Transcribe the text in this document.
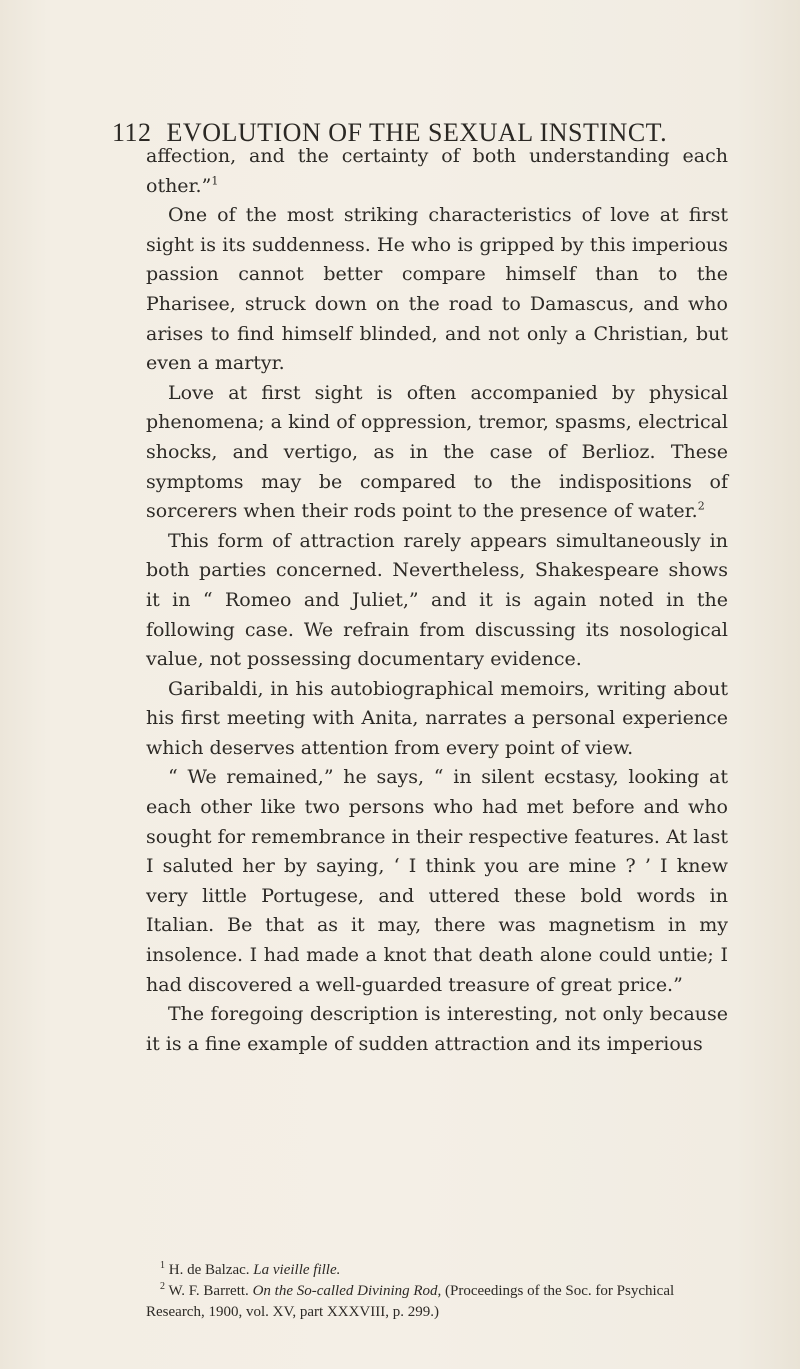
112 EVOLUTION OF THE SEXUAL INSTINCT.

affection, and the certainty of both understanding each other.”$^1$

One of the most striking characteristics of love at first sight is its suddenness. He who is gripped by this imperious passion cannot better compare himself than to the Pharisee, struck down on the road to Damascus, and who arises to find himself blinded, and not only a Christian, but even a martyr.

Love at first sight is often accompanied by physical phenomena; a kind of oppression, tremor, spasms, electrical shocks, and vertigo, as in the case of Berlioz. These symptoms may be compared to the indispositions of sorcerers when their rods point to the presence of water.$^2$

This form of attraction rarely appears simultaneously in both parties concerned. Nevertheless, Shakespeare shows it in “ Romeo and Juliet,” and it is again noted in the following case. We refrain from discussing its nosological value, not possessing documentary evidence.

Garibaldi, in his autobiographical memoirs, writing about his first meeting with Anita, narrates a personal experience which deserves attention from every point of view.

“ We remained,” he says, “ in silent ecstasy, looking at each other like two persons who had met before and who sought for remembrance in their respective features. At last I saluted her by saying, ‘ I think you are mine ? ’ I knew very little Portugese, and uttered these bold words in Italian. Be that as it may, there was magnetism in my insolence. I had made a knot that death alone could untie; I had discovered a well-guarded treasure of great price.”

The foregoing description is interesting, not only because it is a fine example of sudden attraction and its imperious

$^1$ H. de Balzac. La vieille fille.

$^2$ W. F. Barrett. On the So-called Divining Rod, (Proceedings of the Soc. for Psychical Research, 1900, vol. XV, part XXXVIII, p. 299.)
